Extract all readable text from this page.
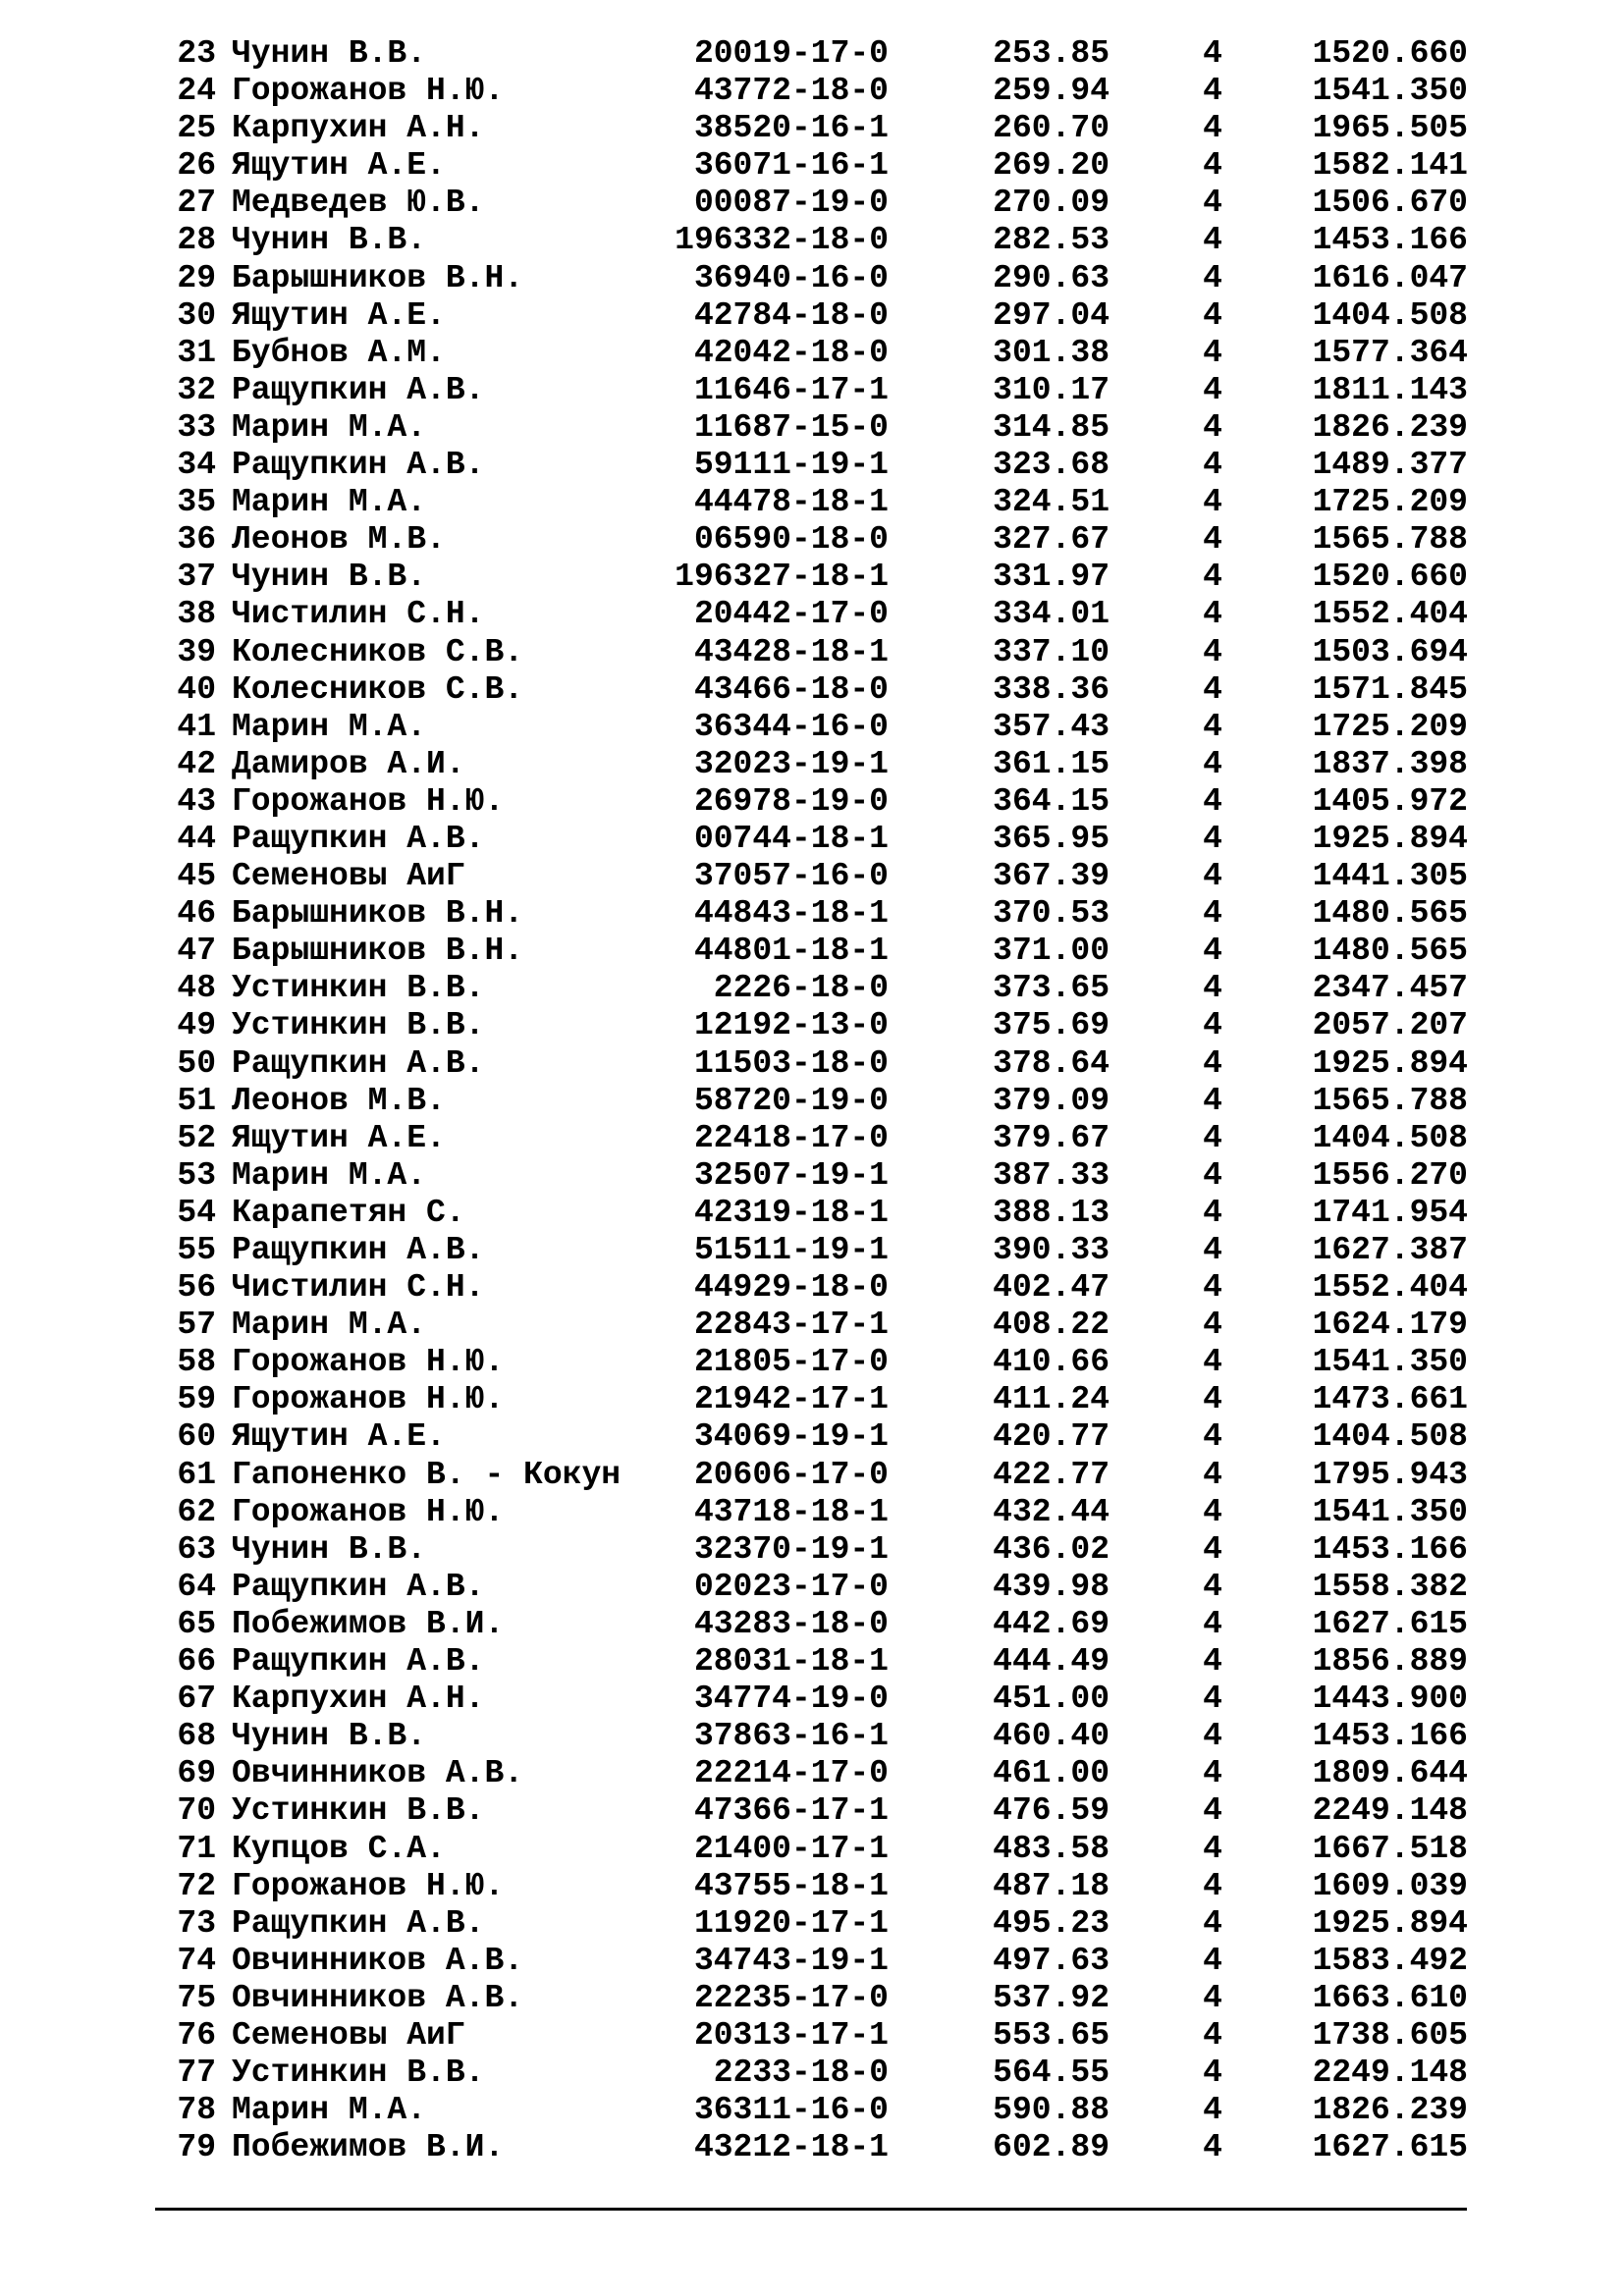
23 Чунин В.В.	20019-17-0	253.85	4	1520.660
24 Горожанов Н.Ю.	43772-18-0	259.94	4	1541.350
25 Карпухин А.Н.	38520-16-1	260.70	4	1965.505
26 Ящутин А.Е.	36071-16-1	269.20	4	1582.141
27 Медведев Ю.В.	00087-19-0	270.09	4	1506.670
28 Чунин В.В.	196332-18-0	282.53	4	1453.166
29 Барышников В.Н.	36940-16-0	290.63	4	1616.047
30 Ящутин А.Е.	42784-18-0	297.04	4	1404.508
31 Бубнов А.М.	42042-18-0	301.38	4	1577.364
32 Ращупкин А.В.	11646-17-1	310.17	4	1811.143
33 Марин М.А.	11687-15-0	314.85	4	1826.239
34 Ращупкин А.В.	59111-19-1	323.68	4	1489.377
35 Марин М.А.	44478-18-1	324.51	4	1725.209
36 Леонов М.В.	06590-18-0	327.67	4	1565.788
37 Чунин В.В.	196327-18-1	331.97	4	1520.660
38 Чистилин С.Н.	20442-17-0	334.01	4	1552.404
39 Колесников С.В.	43428-18-1	337.10	4	1503.694
40 Колесников С.В.	43466-18-0	338.36	4	1571.845
41 Марин М.А.	36344-16-0	357.43	4	1725.209
42 Дамиров А.И.	32023-19-1	361.15	4	1837.398
43 Горожанов Н.Ю.	26978-19-0	364.15	4	1405.972
44 Ращупкин А.В.	00744-18-1	365.95	4	1925.894
45 Семеновы АиГ	37057-16-0	367.39	4	1441.305
46 Барышников В.Н.	44843-18-1	370.53	4	1480.565
47 Барышников В.Н.	44801-18-1	371.00	4	1480.565
48 Устинкин В.В.	2226-18-0	373.65	4	2347.457
49 Устинкин В.В.	12192-13-0	375.69	4	2057.207
50 Ращупкин А.В.	11503-18-0	378.64	4	1925.894
51 Леонов М.В.	58720-19-0	379.09	4	1565.788
52 Ящутин А.Е.	22418-17-0	379.67	4	1404.508
53 Марин М.А.	32507-19-1	387.33	4	1556.270
54 Карапетян С.	42319-18-1	388.13	4	1741.954
55 Ращупкин А.В.	51511-19-1	390.33	4	1627.387
56 Чистилин С.Н.	44929-18-0	402.47	4	1552.404
57 Марин М.А.	22843-17-1	408.22	4	1624.179
58 Горожанов Н.Ю.	21805-17-0	410.66	4	1541.350
59 Горожанов Н.Ю.	21942-17-1	411.24	4	1473.661
60 Ящутин А.Е.	34069-19-1	420.77	4	1404.508
61 Гапоненко В. - Кокун	20606-17-0	422.77	4	1795.943
62 Горожанов Н.Ю.	43718-18-1	432.44	4	1541.350
63 Чунин В.В.	32370-19-1	436.02	4	1453.166
64 Ращупкин А.В.	02023-17-0	439.98	4	1558.382
65 Побежимов В.И.	43283-18-0	442.69	4	1627.615
66 Ращупкин А.В.	28031-18-1	444.49	4	1856.889
67 Карпухин А.Н.	34774-19-0	451.00	4	1443.900
68 Чунин В.В.	37863-16-1	460.40	4	1453.166
69 Овчинников А.В.	22214-17-0	461.00	4	1809.644
70 Устинкин В.В.	47366-17-1	476.59	4	2249.148
71 Купцов С.А.	21400-17-1	483.58	4	1667.518
72 Горожанов Н.Ю.	43755-18-1	487.18	4	1609.039
73 Ращупкин А.В.	11920-17-1	495.23	4	1925.894
74 Овчинников А.В.	34743-19-1	497.63	4	1583.492
75 Овчинников А.В.	22235-17-0	537.92	4	1663.610
76 Семеновы АиГ	20313-17-1	553.65	4	1738.605
77 Устинкин В.В.	2233-18-0	564.55	4	2249.148
78 Марин М.А.	36311-16-0	590.88	4	1826.239
79 Побежимов В.И.	43212-18-1	602.89	4	1627.615
